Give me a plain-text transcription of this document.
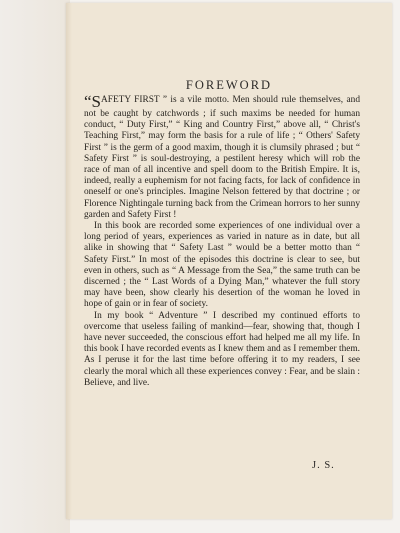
FOREWORD

“SAFETY FIRST ” is a vile motto. Men should rule themselves, and not be caught by catchwords ; if such maxims be needed for human conduct, “ Duty First,” “ King and Country First,” above all, “ Christ's Teaching First,” may form the basis for a rule of life ; “ Others' Safety First ” is the germ of a good maxim, though it is clumsily phrased ; but “ Safety First ” is soul-destroying, a pestilent heresy which will rob the race of man of all incentive and spell doom to the British Empire. It is, indeed, really a euphemism for not facing facts, for lack of confidence in oneself or one's principles. Imagine Nelson fettered by that doctrine ; or Florence Nightingale turning back from the Crimean horrors to her sunny garden and Safety First !

In this book are recorded some experiences of one individual over a long period of years, experiences as varied in nature as in date, but all alike in showing that “ Safety Last ” would be a better motto than “ Safety First.” In most of the episodes this doctrine is clear to see, but even in others, such as “ A Message from the Sea,” the same truth can be discerned ; the “ Last Words of a Dying Man,” whatever the full story may have been, show clearly his desertion of the woman he loved in hope of gain or in fear of society.

In my book “ Adventure ” I described my continued efforts to overcome that useless failing of mankind—fear, showing that, though I have never succeeded, the conscious effort had helped me all my life. In this book I have recorded events as I knew them and as I remember them. As I peruse it for the last time before offering it to my readers, I see clearly the moral which all these experiences convey : Fear, and be slain : Believe, and live.

J. S.
